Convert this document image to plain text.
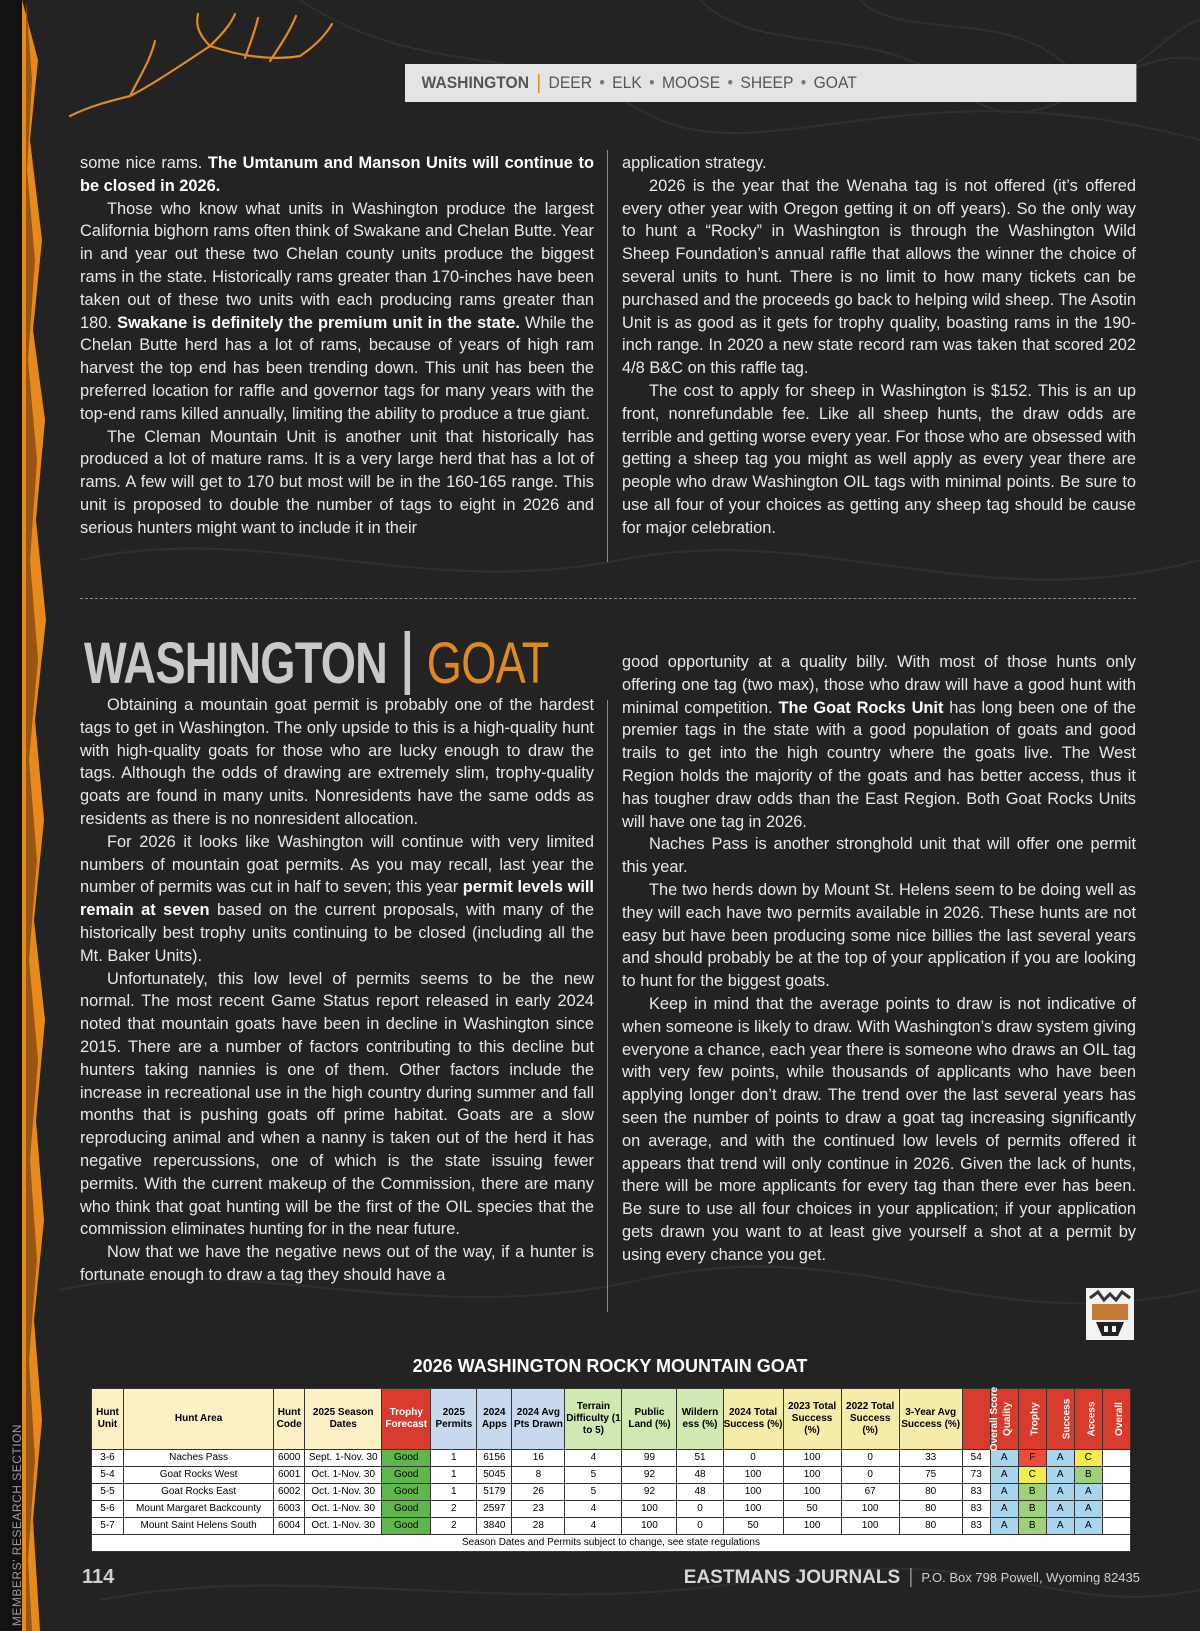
MEMBERS' RESEARCH SECTION
WASHINGTON | DEER • ELK • MOOSE • SHEEP • GOAT

some nice rams. The Umtanum and Manson Units will continue to be closed in 2026.

Those who know what units in Washington produce the largest California bighorn rams often think of Swakane and Chelan Butte. Year in and year out these two Chelan county units produce the biggest rams in the state. Historically rams greater than 170-inches have been taken out of these two units with each producing rams greater than 180. Swakane is definitely the premium unit in the state. While the Chelan Butte herd has a lot of rams, because of years of high ram harvest the top end has been trending down. This unit has been the preferred location for raffle and governor tags for many years with the top-end rams killed annually, limiting the ability to produce a true giant.

The Cleman Mountain Unit is another unit that historically has produced a lot of mature rams. It is a very large herd that has a lot of rams. A few will get to 170 but most will be in the 160-165 range. This unit is proposed to double the number of tags to eight in 2026 and serious hunters might want to include it in their

application strategy.

2026 is the year that the Wenaha tag is not offered (it’s offered every other year with Oregon getting it on off years). So the only way to hunt a “Rocky” in Washington is through the Washington Wild Sheep Foundation’s annual raffle that allows the winner the choice of several units to hunt. There is no limit to how many tickets can be purchased and the proceeds go back to helping wild sheep. The Asotin Unit is as good as it gets for trophy quality, boasting rams in the 190-inch range. In 2020 a new state record ram was taken that scored 202 4/8 B&C on this raffle tag.

The cost to apply for sheep in Washington is $152. This is an up front, nonrefundable fee. Like all sheep hunts, the draw odds are terrible and getting worse every year. For those who are obsessed with getting a sheep tag you might as well apply as every year there are people who draw Washington OIL tags with minimal points. Be sure to use all four of your choices as getting any sheep tag should be cause for major celebration.

WASHINGTON GOAT

Obtaining a mountain goat permit is probably one of the hardest tags to get in Washington. The only upside to this is a high-quality hunt with high-quality goats for those who are lucky enough to draw the tags. Although the odds of drawing are extremely slim, trophy-quality goats are found in many units. Nonresidents have the same odds as residents as there is no nonresident allocation.

For 2026 it looks like Washington will continue with very limited numbers of mountain goat permits. As you may recall, last year the number of permits was cut in half to seven; this year permit levels will remain at seven based on the current proposals, with many of the historically best trophy units continuing to be closed (including all the Mt. Baker Units).

Unfortunately, this low level of permits seems to be the new normal. The most recent Game Status report released in early 2024 noted that mountain goats have been in decline in Washington since 2015. There are a number of factors contributing to this decline but hunters taking nannies is one of them. Other factors include the increase in recreational use in the high country during summer and fall months that is pushing goats off prime habitat. Goats are a slow reproducing animal and when a nanny is taken out of the herd it has negative repercussions, one of which is the state issuing fewer permits. With the current makeup of the Commission, there are many who think that goat hunting will be the first of the OIL species that the commission eliminates hunting for in the near future.

Now that we have the negative news out of the way, if a hunter is fortunate enough to draw a tag they should have a

good opportunity at a quality billy. With most of those hunts only offering one tag (two max), those who draw will have a good hunt with minimal competition. The Goat Rocks Unit has long been one of the premier tags in the state with a good population of goats and good trails to get into the high country where the goats live. The West Region holds the majority of the goats and has better access, thus it has tougher draw odds than the East Region. Both Goat Rocks Units will have one tag in 2026.

Naches Pass is another stronghold unit that will offer one permit this year.

The two herds down by Mount St. Helens seem to be doing well as they will each have two permits available in 2026. These hunts are not easy but have been producing some nice billies the last several years and should probably be at the top of your application if you are looking to hunt for the biggest goats.

Keep in mind that the average points to draw is not indicative of when someone is likely to draw. With Washington’s draw system giving everyone a chance, each year there is someone who draws an OIL tag with very few points, while thousands of applicants who have been applying longer don’t draw. The trend over the last several years has seen the number of points to draw a goat tag increasing significantly on average, and with the continued low levels of permits offered it appears that trend will only continue in 2026. Given the lack of hunts, there will be more applicants for every tag than there ever has been. Be sure to use all four choices in your application; if your application gets drawn you want to at least give yourself a shot at a permit by using every chance you get.

2026 WASHINGTON ROCKY MOUNTAIN GOAT
Hunt Unit	Hunt Area	Hunt Code	2025 Season Dates	Trophy Forecast	2025 Permits	2024 Apps	2024 Avg Pts Drawn	Terrain Difficulty (1 to 5)	Public Land (%)	Wildern ess (%)	2024 Total Success (%)	2023 Total Success (%)	2022 Total Success (%)	3-Year Avg Success (%)	Overall Score	Quality	Trophy	Success	Access	Overall
3-6	Naches Pass	6000	Sept. 1-Nov. 30	Good	1	6156	16	4	99	51	0	100	0	33	54	A	F	A	C	
5-4	Goat Rocks West	6001	Oct. 1-Nov. 30	Good	1	5045	8	5	92	48	100	100	0	75	73	A	C	A	B	
5-5	Goat Rocks East	6002	Oct. 1-Nov. 30	Good	1	5179	26	5	92	48	100	100	67	80	83	A	B	A	A	
5-6	Mount Margaret Backcounty	6003	Oct. 1-Nov. 30	Good	2	2597	23	4	100	0	100	50	100	80	83	A	B	A	A	
5-7	Mount Saint Helens South	6004	Oct. 1-Nov. 30	Good	2	3840	28	4	100	0	50	100	100	80	83	A	B	A	A	
Season Dates and Permits subject to change, see state regulations																				
114	EASTMANS JOURNALS | P.O. Box 798 Powell, Wyoming 82435
